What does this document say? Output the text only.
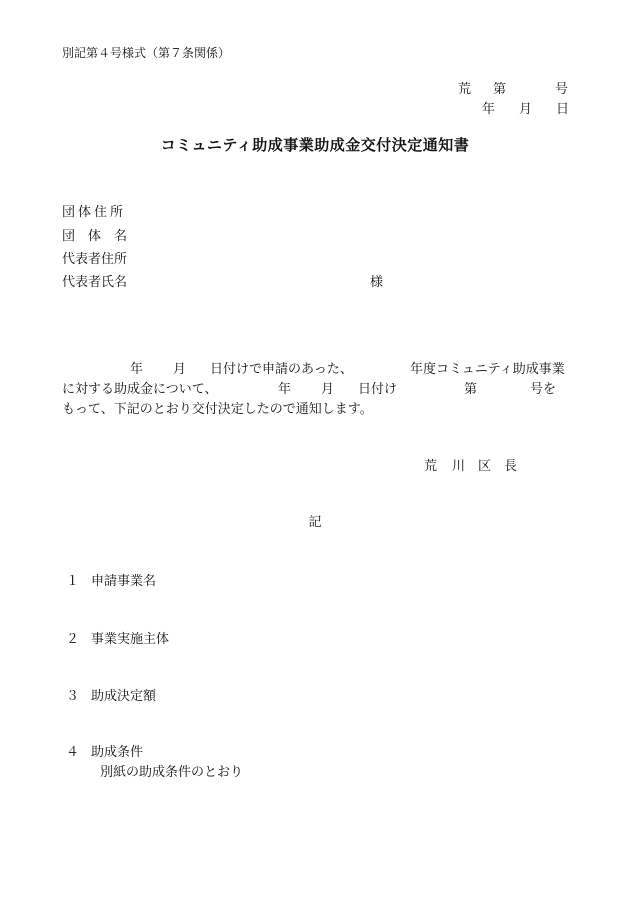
別記第４号様式（第７条関係）
荒 第	号
年 月 日
コミュニティ助成事業助成金交付決定通知書
団体住所
団　体　名
代表者住所
代表者氏名	様
年 月 日付けで申請のあった、	年度コミュニティ助成事業
に対する助成金について、	年 月 日付け	第	号を
もって、下記のとおり交付決定したので通知します。
荒 川 区 長
記
１ 申請事業名
２ 事業実施主体
３ 助成決定額
４ 助成条件
別紙の助成条件のとおり
